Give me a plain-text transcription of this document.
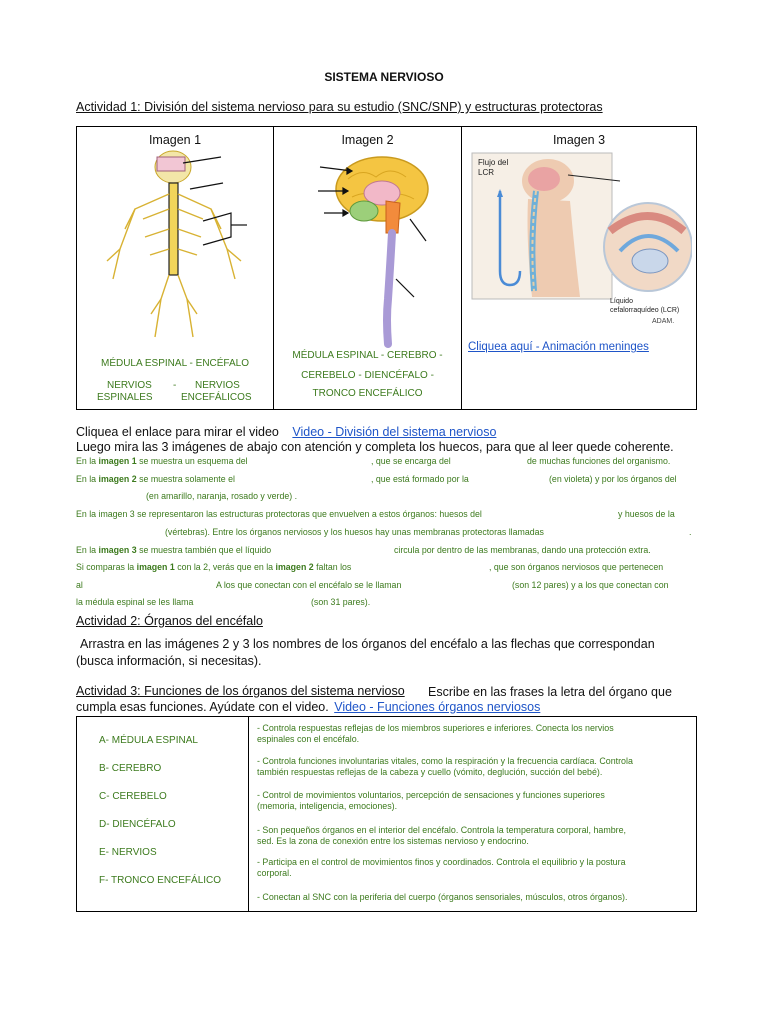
SISTEMA NERVIOSO
Actividad 1: División del sistema nervioso para su estudio (SNC/SNP) y estructuras protectoras
Imagen 1
MÉDULA ESPINAL - ENCÉFALO
NERVIOS - NERVIOS
ESPINALES	ENCEFÁLICOS
Imagen 2
MÉDULA ESPINAL - CEREBRO -
CEREBELO - DIENCÉFALO -
TRONCO ENCEFÁLICO
Imagen 3
Flujo del
LCR
Líquido
cefalorraquídeo (LCR)
ADAM.
Cliquea aquí - Animación meninges
Cliquea el enlace para mirar el video Video - División del sistema nervioso
Luego mira las 3 imágenes de abajo con atención y completa los huecos, para que al leer quede coherente.
En la imagen 1 se muestra un esquema del	, que se encarga del	de muchas funciones del organismo.
En la imagen 2 se muestra solamente el	, que está formado por la	(en violeta) y por los órganos del
(en amarillo, naranja, rosado y verde) .
En la imagen 3 se representaron las estructuras protectoras que envuelven a estos órganos: huesos del	y huesos de la
(vértebras). Entre los órganos nerviosos y los huesos hay unas membranas protectoras llamadas	.
En la imagen 3 se muestra también que el líquido	circula por dentro de las membranas, dando una protección extra.
Si comparas la imagen 1 con la 2, verás que en la imagen 2 faltan los	, que son órganos nerviosos que pertenecen
al	A los que conectan con el encéfalo se le llaman	(son 12 pares) y a los que conectan con
la médula espinal se les llama	(son 31 pares).
Actividad 2: Órganos del encéfalo
Arrastra en las imágenes 2 y 3 los nombres de los órganos del encéfalo a las flechas que correspondan
(busca información, si necesitas).
Actividad 3: Funciones de los órganos del sistema nervioso Escribe en las frases la letra del órgano que
cumpla esas funciones. Ayúdate con el video. Video - Funciones órganos nerviosos
A- MÉDULA ESPINAL
B- CEREBRO
C- CEREBELO
D- DIENCÉFALO
E- NERVIOS
F- TRONCO ENCEFÁLICO
- Controla respuestas reflejas de los miembros superiores e inferiores. Conecta los nervios
espinales con el encéfalo.
- Controla funciones involuntarias vitales, como la respiración y la frecuencia cardíaca. Controla
también respuestas reflejas de la cabeza y cuello (vómito, deglución, succión del bebé).
- Control de movimientos voluntarios, percepción de sensaciones y funciones superiores
(memoria, inteligencia, emociones).
- Son pequeños órganos en el interior del encéfalo. Controla la temperatura corporal, hambre,
sed. Es la zona de conexión entre los sistemas nervioso y endocrino.
- Participa en el control de movimientos finos y coordinados. Controla el equilibrio y la postura
corporal.
- Conectan al SNC con la periferia del cuerpo (órganos sensoriales, músculos, otros órganos).
